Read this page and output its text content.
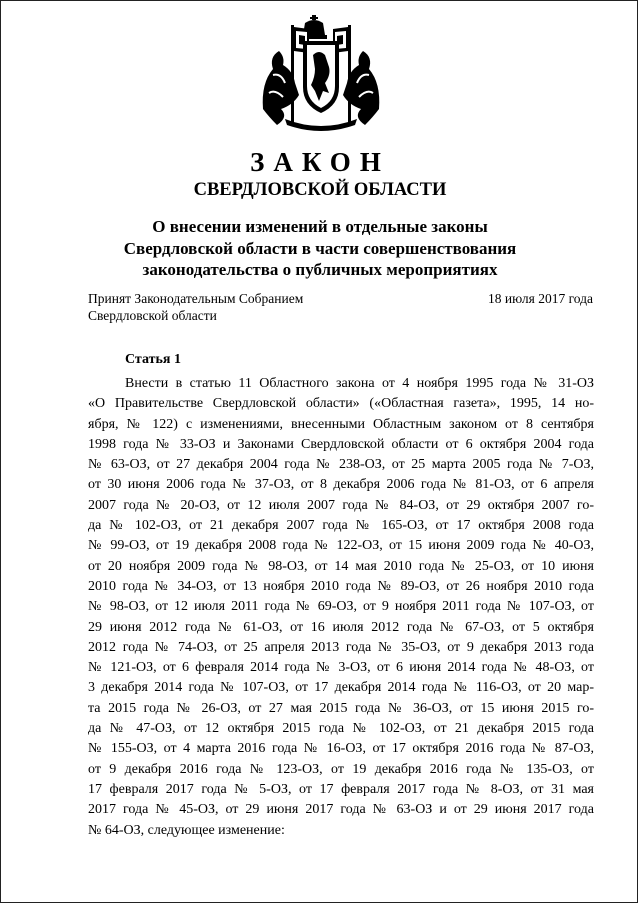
ЗАКОН
СВЕРДЛОВСКОЙ ОБЛАСТИ
О внесении изменений в отдельные законы
Свердловской области в части совершенствования
законодательства о публичных мероприятиях
Принят Законодательным Собранием
Свердловской области
18 июля 2017 года
Статья 1
Внести в статью 11 Областного закона от 4 ноября 1995 года № 31-ОЗ
«О Правительстве Свердловской области» («Областная газета», 1995, 14 но-
ября, № 122) с изменениями, внесенными Областным законом от 8 сентября
1998 года № 33-ОЗ и Законами Свердловской области от 6 октября 2004 года
№ 63-ОЗ, от 27 декабря 2004 года № 238-ОЗ, от 25 марта 2005 года № 7-ОЗ,
от 30 июня 2006 года № 37-ОЗ, от 8 декабря 2006 года № 81-ОЗ, от 6 апреля
2007 года № 20-ОЗ, от 12 июля 2007 года № 84-ОЗ, от 29 октября 2007 го-
да № 102-ОЗ, от 21 декабря 2007 года № 165-ОЗ, от 17 октября 2008 года
№ 99-ОЗ, от 19 декабря 2008 года № 122-ОЗ, от 15 июня 2009 года № 40-ОЗ,
от 20 ноября 2009 года № 98-ОЗ, от 14 мая 2010 года № 25-ОЗ, от 10 июня
2010 года № 34-ОЗ, от 13 ноября 2010 года № 89-ОЗ, от 26 ноября 2010 года
№ 98-ОЗ, от 12 июля 2011 года № 69-ОЗ, от 9 ноября 2011 года № 107-ОЗ, от
29 июня 2012 года № 61-ОЗ, от 16 июля 2012 года № 67-ОЗ, от 5 октября
2012 года № 74-ОЗ, от 25 апреля 2013 года № 35-ОЗ, от 9 декабря 2013 года
№ 121-ОЗ, от 6 февраля 2014 года № 3-ОЗ, от 6 июня 2014 года № 48-ОЗ, от
3 декабря 2014 года № 107-ОЗ, от 17 декабря 2014 года № 116-ОЗ, от 20 мар-
та 2015 года № 26-ОЗ, от 27 мая 2015 года № 36-ОЗ, от 15 июня 2015 го-
да № 47-ОЗ, от 12 октября 2015 года № 102-ОЗ, от 21 декабря 2015 года
№ 155-ОЗ, от 4 марта 2016 года № 16-ОЗ, от 17 октября 2016 года № 87-ОЗ,
от 9 декабря 2016 года № 123-ОЗ, от 19 декабря 2016 года № 135-ОЗ, от
17 февраля 2017 года № 5-ОЗ, от 17 февраля 2017 года № 8-ОЗ, от 31 мая
2017 года № 45-ОЗ, от 29 июня 2017 года № 63-ОЗ и от 29 июня 2017 года
№ 64-ОЗ, следующее изменение:
